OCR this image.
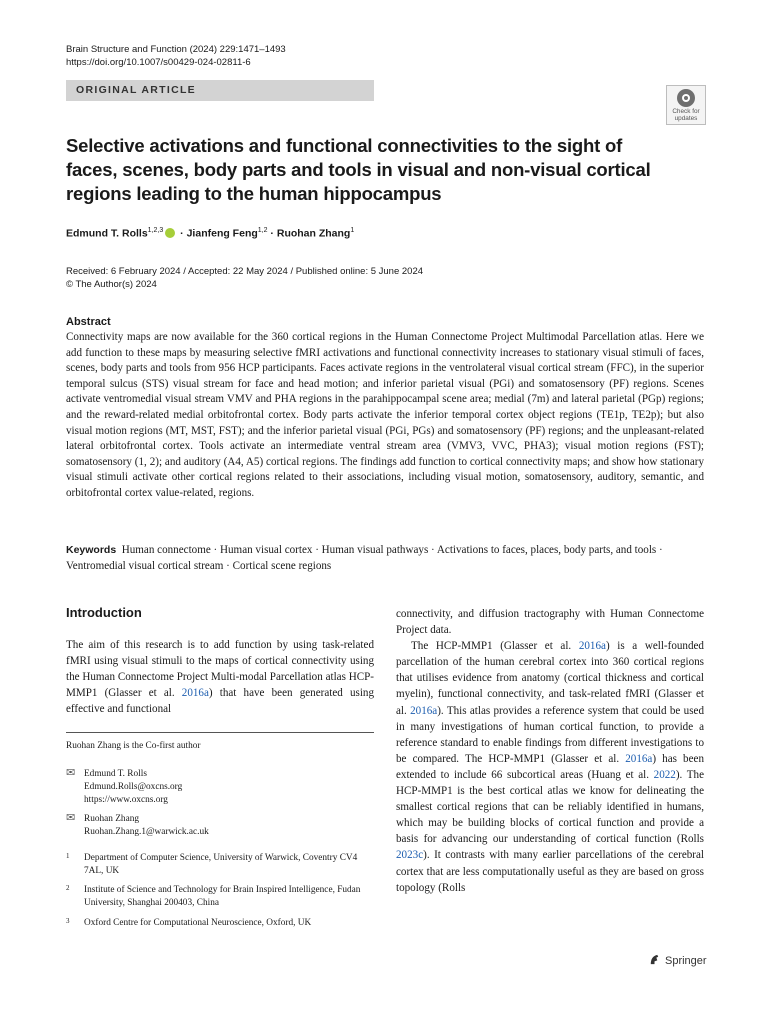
Brain Structure and Function (2024) 229:1471–1493
https://doi.org/10.1007/s00429-024-02811-6
ORIGINAL ARTICLE
Check for updates
Selective activations and functional connectivities to the sight of faces, scenes, body parts and tools in visual and non-visual cortical regions leading to the human hippocampus
Edmund T. Rolls$^{1,2,3}$ · Jianfeng Feng$^{1,2}$ · Ruohan Zhang$^1$
Received: 6 February 2024 / Accepted: 22 May 2024 / Published online: 5 June 2024
© The Author(s) 2024
Abstract
Connectivity maps are now available for the 360 cortical regions in the Human Connectome Project Multimodal Parcellation atlas. Here we add function to these maps by measuring selective fMRI activations and functional connectivity increases to stationary visual stimuli of faces, scenes, body parts and tools from 956 HCP participants. Faces activate regions in the ventrolateral visual cortical stream (FFC), in the superior temporal sulcus (STS) visual stream for face and head motion; and inferior parietal visual (PGi) and somatosensory (PF) regions. Scenes activate ventromedial visual stream VMV and PHA regions in the parahippocampal scene area; medial (7m) and lateral parietal (PGp) regions; and the reward-related medial orbitofrontal cortex. Body parts activate the inferior temporal cortex object regions (TE1p, TE2p); but also visual motion regions (MT, MST, FST); and the inferior parietal visual (PGi, PGs) and somatosensory (PF) regions; and the unpleasant-related lateral orbitofrontal cortex. Tools activate an intermediate ventral stream area (VMV3, VVC, PHA3); visual motion regions (FST); somatosensory (1, 2); and auditory (A4, A5) cortical regions. The findings add function to cortical connectivity maps; and show how stationary visual stimuli activate other cortical regions related to their associations, including visual motion, somatosensory, auditory, semantic, and orbitofrontal cortex value-related, regions.
Keywords Human connectome · Human visual cortex · Human visual pathways · Activations to faces, places, body parts, and tools · Ventromedial visual cortical stream · Cortical scene regions
Introduction
The aim of this research is to add function by using task-related fMRI using visual stimuli to the maps of cortical connectivity using the Human Connectome Project Multi-modal Parcellation atlas HCP-MMP1 (Glasser et al. 2016a) that have been generated using effective and functional
Ruohan Zhang is the Co-first author
✉ Edmund T. Rolls
Edmund.Rolls@oxcns.org
https://www.oxcns.org
✉ Ruohan Zhang
Ruohan.Zhang.1@warwick.ac.uk
1 Department of Computer Science, University of Warwick, Coventry CV4 7AL, UK
2 Institute of Science and Technology for Brain Inspired Intelligence, Fudan University, Shanghai 200403, China
3 Oxford Centre for Computational Neuroscience, Oxford, UK

connectivity, and diffusion tractography with Human Connectome Project data.

The HCP-MMP1 (Glasser et al. 2016a) is a well-founded parcellation of the human cerebral cortex into 360 cortical regions that utilises evidence from anatomy (cortical thickness and cortical myelin), functional connectivity, and task-related fMRI (Glasser et al. 2016a). This atlas provides a reference system that could be used in many investigations of human cortical function, to provide a reference standard to enable findings from different investigations to be compared. The HCP-MMP1 (Glasser et al. 2016a) has been extended to include 66 subcortical areas (Huang et al. 2022). The HCP-MMP1 is the best cortical atlas we know for delineating the smallest cortical regions that can be reliably identified in humans, which may be building blocks of cortical function and provide a basis for advancing our understanding of cortical function (Rolls 2023c). It contrasts with many earlier parcellations of the cerebral cortex that are less computationally useful as they are based on gross topology (Rolls

Springer
